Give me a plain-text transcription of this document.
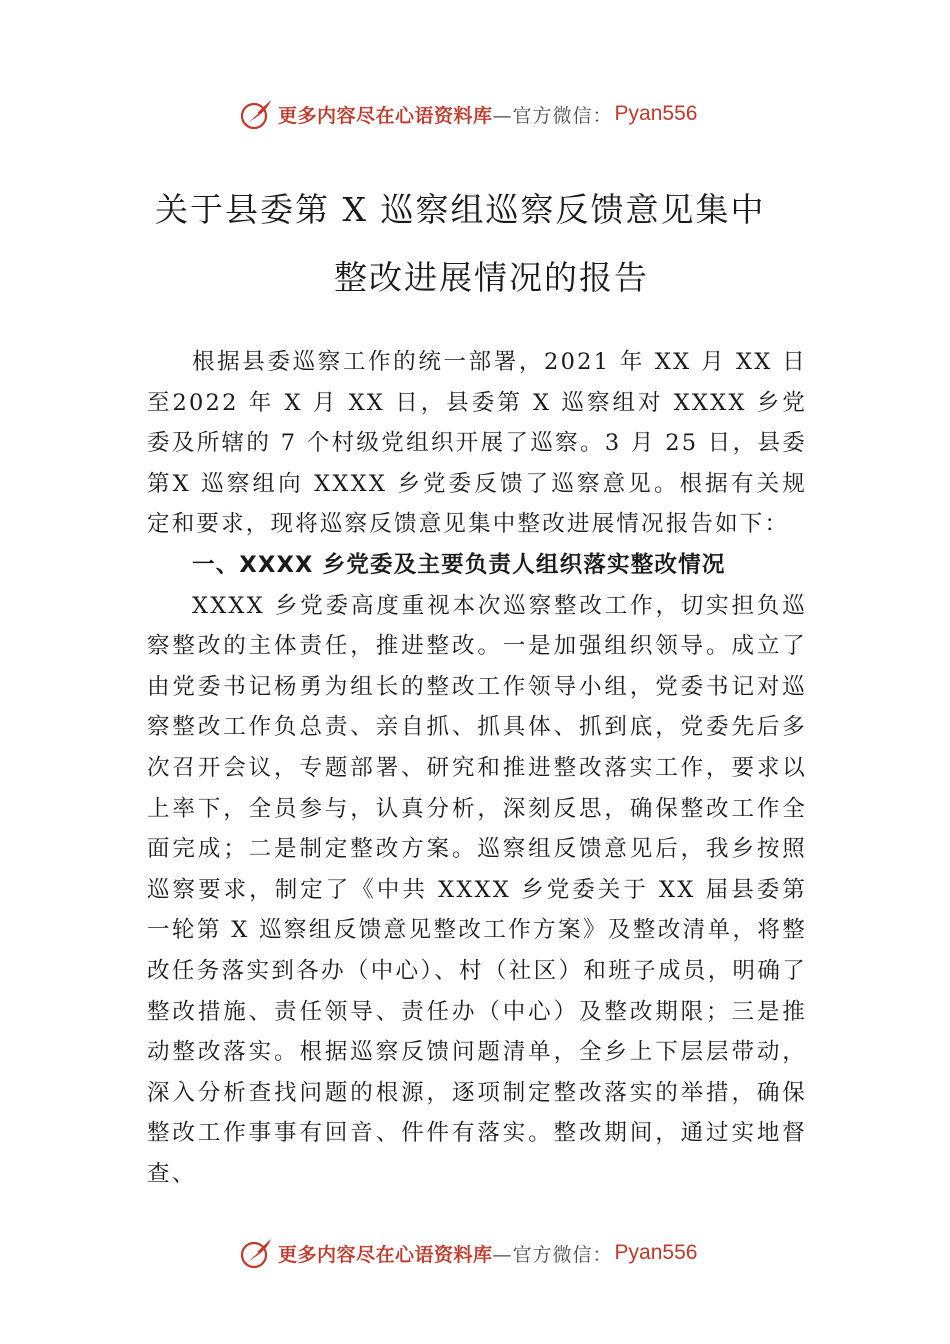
更多内容尽在心语资料库 —官方微信： Pyan556
关于县委第 X 巡察组巡察反馈意见集中
整改进展情况的报告

根据县委巡察工作的统一部署，2021 年 XX 月 XX 日至2022 年 X 月 XX 日，县委第 X 巡察组对 XXXX 乡党委及所辖的 7 个村级党组织开展了巡察。3 月 25 日，县委第X 巡察组向 XXXX 乡党委反馈了巡察意见。根据有关规定和要求，现将巡察反馈意见集中整改进展情况报告如下：

一、XXXX 乡党委及主要负责人组织落实整改情况

XXXX 乡党委高度重视本次巡察整改工作，切实担负巡察整改的主体责任，推进整改。一是加强组织领导。成立了由党委书记杨勇为组长的整改工作领导小组，党委书记对巡察整改工作负总责、亲自抓、抓具体、抓到底，党委先后多 次召开会议，专题部署、研究和推进整改落实工作，要求以上率下，全员参与，认真分析，深刻反思，确保整改工作全面完成；二是制定整改方案。巡察组反馈意见后，我乡按照巡察要求，制定了《中共 XXXX 乡党委关于 XX 届县委第一轮第 X 巡察组反馈意见整改工作方案》及整改清单，将整改任务落实到各办（中心）、村（社区）和班子成员，明确了整改措施、责任领导、责任办（中心）及整改期限；三是推动整改落实。根据巡察反馈问题清单，全乡上下层层带动，深入分析查找问题的根源，逐项制定整改落实的举措，确保整改工作事事有回音、件件有落实。整改期间，通过实地督查、

更多内容尽在心语资料库 —官方微信： Pyan556
